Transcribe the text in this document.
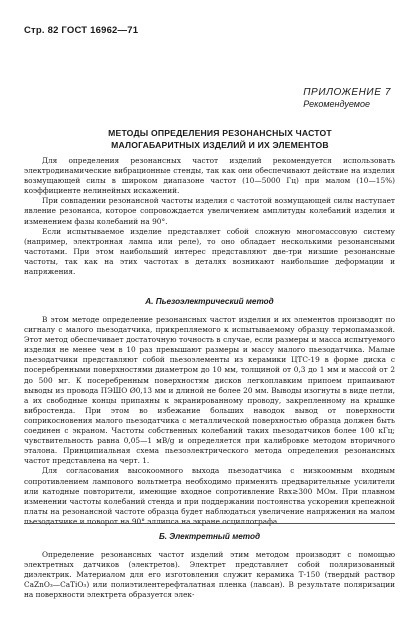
Стр. 82 ГОСТ 16962—71
ПРИЛОЖЕНИЕ 7
Рекомендуемое
МЕТОДЫ ОПРЕДЕЛЕНИЯ РЕЗОНАНСНЫХ ЧАСТОТ
МАЛОГАБАРИТНЫХ ИЗДЕЛИЙ И ИХ ЭЛЕМЕНТОВ

Для определения резонансных частот изделий рекомендуется использовать электродинамические вибрационные стенды, так как они обеспечивают действие на изделия возмущающей силы в широком диапазоне частот (10—5000 Гц) при малом (10—15%) коэффициенте нелинейных искажений.

При совпадении резонансной частоты изделия с частотой возмущающей силы наступает явление резонанса, которое сопровождается увеличением амплитуды колебаний изделия и изменением фазы колебаний на 90°.

Если испытываемое изделие представляет собой сложную многомассовую систему (например, электронная лампа или реле), то оно обладает несколькими резонансными частотами. При этом наибольший интерес представляют две-три низшие резонансные частоты, так как на этих частотах в деталях возникают наибольшие деформации и напряжения.

А. Пьезоэлектрический метод

В этом методе определение резонансных частот изделия и их элементов производят по сигналу с малого пьезодатчика, прикрепляемого к испытываемому образцу термопамазкой. Этот метод обеспечивает достаточную точность в случае, если размеры и масса испытуемого изделия не менее чем в 10 раз превышают размеры и массу малого пьезодатчика. Малые пьезодатчики представляют собой пьезоэлементы из керамики ЦТС-19 в форме диска с посеребренными поверхностями диаметром до 10 мм, толщиной от 0,3 до 1 мм и массой от 2 до 500 мг. К посеребренным поверхностям дисков легкоплавким припоем припаивают выводы из провода ПЭШО Ø0,13 мм и длиной не более 20 мм. Выводы изогнуты в виде петли, а их свободные концы припаяны к экранированному проводу, закрепленному на крышке вибростенда. При этом во избежание больших наводок вывод от поверхности соприкосновения малого пьезодатчика с металлической поверхностью образца должен быть соединен с экраном. Частоты собственных колебаний таких пьезодатчиков более 100 кГц; чувствительность равна 0,05—1 мВ/g и определяется при калибровке методом вторичного эталона. Принципиальная схема пьезоэлектрического метода определения резонансных частот представлена на черт. 1.

Для согласования высокоомного выхода пьезодатчика с низкоомным входным сопротивлением лампового вольтметра необходимо применять предварительные усилители или катодные повторители, имеющие входное сопротивление Rвх≥300 МОм. При плавном изменении частоты колебаний стенда и при поддержании постоянства ускорения крепежной платы на резонансной частоте образца будет наблюдаться увеличение напряжения на малом пьезодатчике и поворот на 90° эллипса на экране осциллографа.

Б. Электретный метод

Определение резонансных частот изделий этим методом производят с помощью электретных датчиков (электретов). Электрет представляет собой поляризованный диэлектрик. Материалом для его изготовления служит керамика Т-150 (твердый раствор CaZnO₃—CaTiO₃) или полиэтилентерефталатная пленка (лавсан). В результате поляризации на поверхности электрета образуется элек-
